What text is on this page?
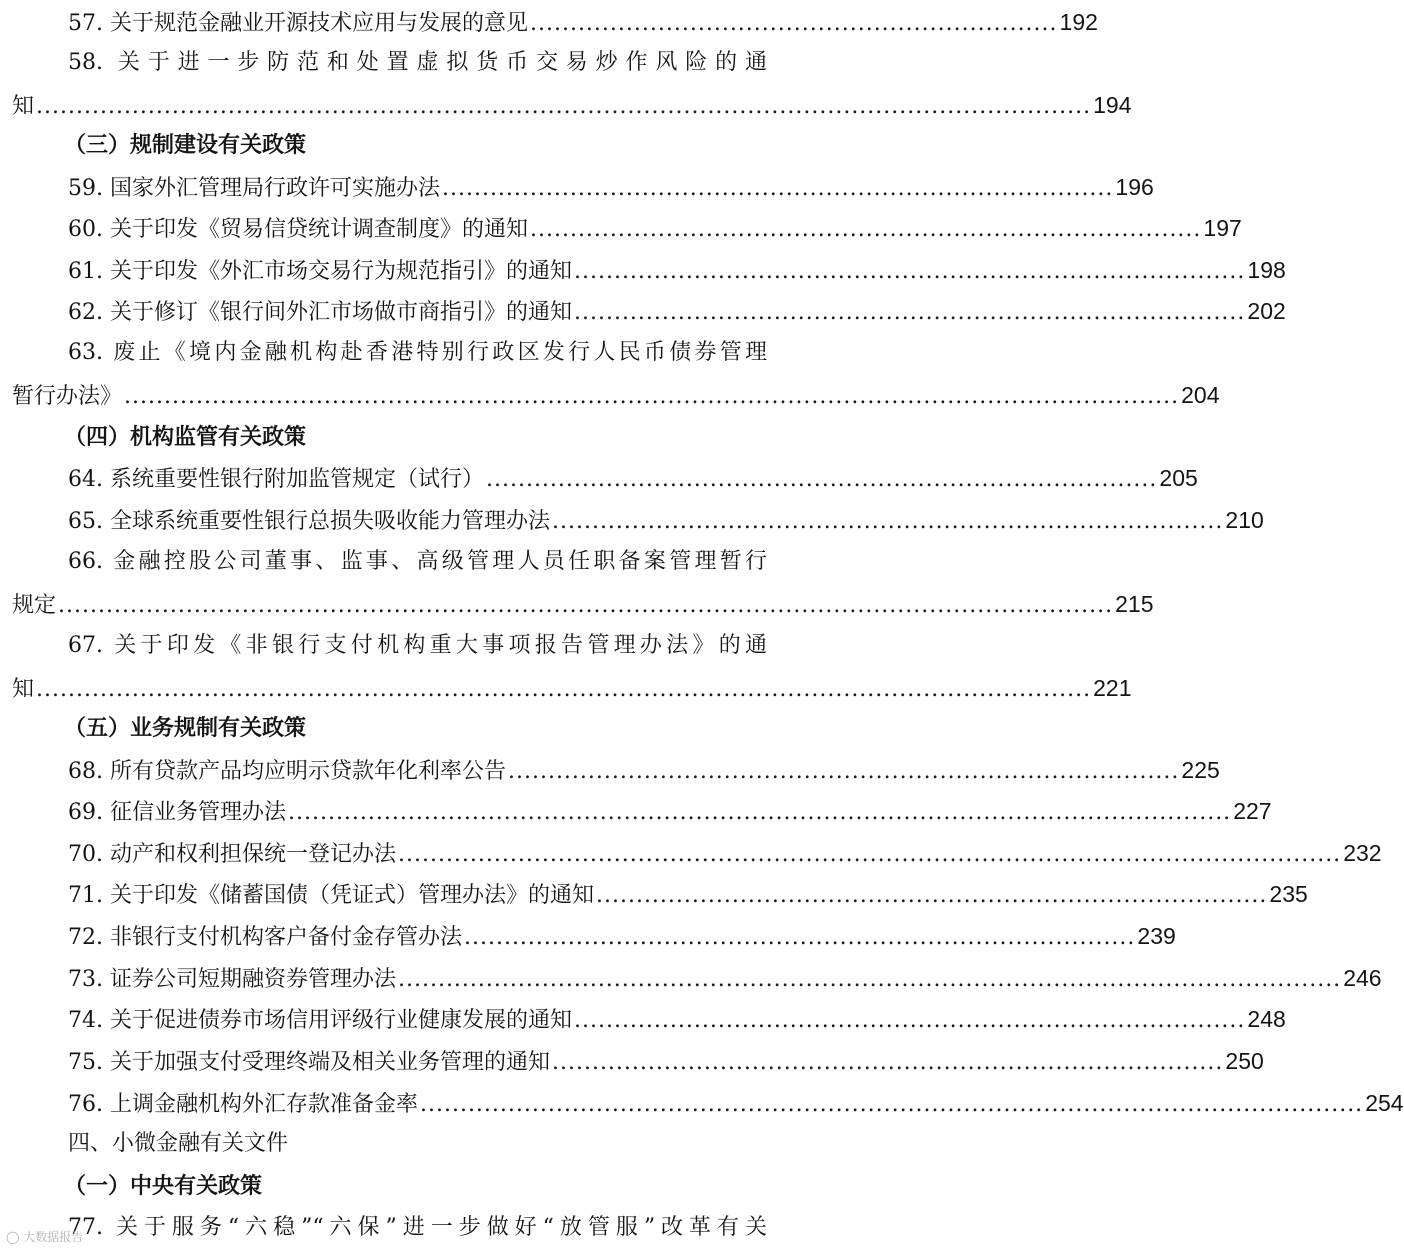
57. 关于规范金融业开源技术应用与发展的意见 .................................................................. 192
58. 关于进一步防范和处置虚拟货币交易炒作风险的通
知 .................................................................................................................................... 194
（三）规制建设有关政策
59. 国家外汇管理局行政许可实施办法 .................................................................................... 196
60. 关于印发《贸易信贷统计调查制度》的通知 .................................................................................... 197
61. 关于印发《外汇市场交易行为规范指引》的通知 .................................................................................... 198
62. 关于修订《银行间外汇市场做市商指引》的通知 .................................................................................... 202
63. 废止《境内金融机构赴香港特别行政区发行人民币债券管理
暂行办法》 .................................................................................................................................... 204
（四）机构监管有关政策
64. 系统重要性银行附加监管规定（试行） .................................................................................... 205
65. 全球系统重要性银行总损失吸收能力管理办法 .................................................................................... 210
66. 金融控股公司董事、监事、高级管理人员任职备案管理暂行
规定 .................................................................................................................................... 215
67. 关于印发《非银行支付机构重大事项报告管理办法》的通
知 .................................................................................................................................... 221
（五）业务规制有关政策
68. 所有贷款产品均应明示贷款年化利率公告 .................................................................................... 225
69. 征信业务管理办法 ...................................................................................................................... 227
70. 动产和权利担保统一登记办法 ...................................................................................................................... 232
71. 关于印发《储蓄国债（凭证式）管理办法》的通知 .................................................................................... 235
72. 非银行支付机构客户备付金存管办法 .................................................................................... 239
73. 证券公司短期融资券管理办法 ...................................................................................................................... 246
74. 关于促进债券市场信用评级行业健康发展的通知 .................................................................................... 248
75. 关于加强支付受理终端及相关业务管理的通知 .................................................................................... 250
76. 上调金融机构外汇存款准备金率 ...................................................................................................................... 254
四、小微金融有关文件
（一）中央有关政策
77. 关于服务“六稳”“六保”进一步做好“放管服”改革有关
◯ 大数据报告
